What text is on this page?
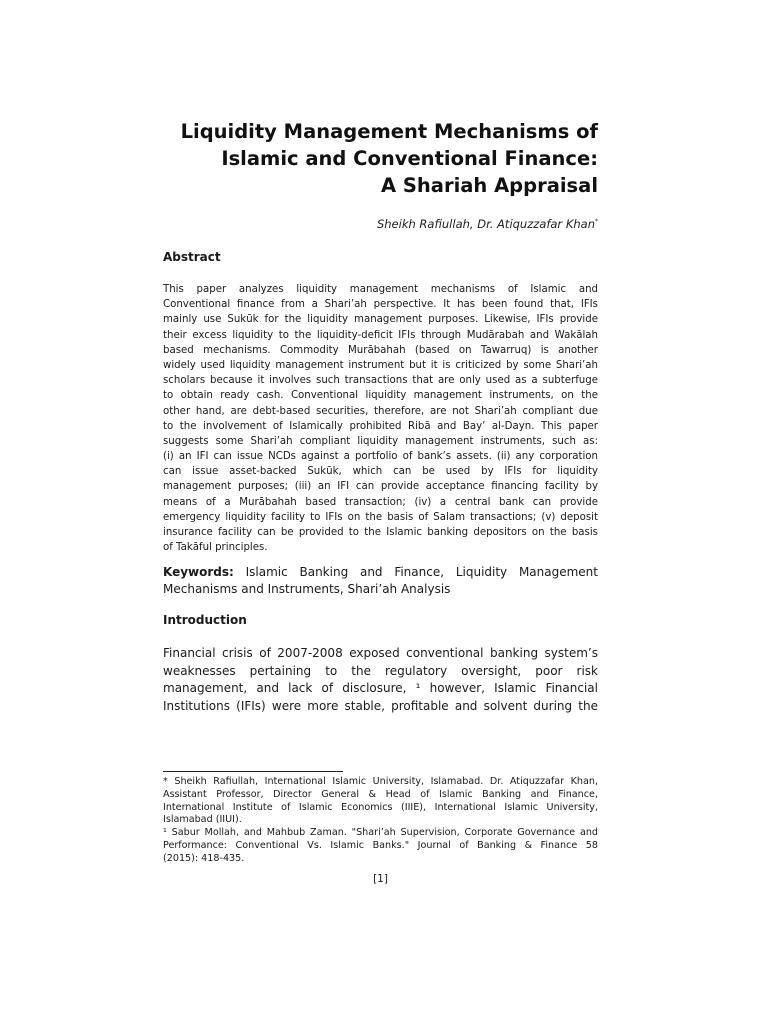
Liquidity Management Mechanisms of
Islamic and Conventional Finance:
A Shariah Appraisal
Sheikh Rafiullah, Dr. Atiquzzafar Khan*
Abstract
This paper analyzes liquidity management mechanisms of Islamic and
Conventional finance from a Shari’ah perspective. It has been found that, IFIs
mainly use Sukūk for the liquidity management purposes. Likewise, IFIs provide
their excess liquidity to the liquidity-deficit IFIs through Mudārabah and Wakālah
based mechanisms. Commodity Murābahah (based on Tawarruq) is another
widely used liquidity management instrument but it is criticized by some Shari’ah
scholars because it involves such transactions that are only used as a subterfuge
to obtain ready cash. Conventional liquidity management instruments, on the
other hand, are debt-based securities, therefore, are not Shari’ah compliant due
to the involvement of Islamically prohibited Ribā and Bay’ al-Dayn. This paper
suggests some Shari’ah compliant liquidity management instruments, such as:
(i) an IFI can issue NCDs against a portfolio of bank’s assets. (ii) any corporation
can issue asset-backed Sukūk, which can be used by IFIs for liquidity
management purposes; (iii) an IFI can provide acceptance financing facility by
means of a Murābahah based transaction; (iv) a central bank can provide
emergency liquidity facility to IFIs on the basis of Salam transactions; (v) deposit
insurance facility can be provided to the Islamic banking depositors on the basis
of Takāful principles.
Keywords: Islamic Banking and Finance, Liquidity Management
Mechanisms and Instruments, Shari’ah Analysis
Introduction
Financial crisis of 2007-2008 exposed conventional banking system’s
weaknesses pertaining to the regulatory oversight, poor risk
management, and lack of disclosure, ¹ however, Islamic Financial
Institutions (IFIs) were more stable, profitable and solvent during the
* Sheikh Rafiullah, International Islamic University, Islamabad. Dr. Atiquzzafar Khan,
Assistant Professor, Director General & Head of Islamic Banking and Finance,
International Institute of Islamic Economics (IIIE), International Islamic University,
Islamabad (IIUI).
¹ Sabur Mollah, and Mahbub Zaman. "Shari’ah Supervision, Corporate Governance and
Performance: Conventional Vs. Islamic Banks." Journal of Banking & Finance 58
(2015): 418-435.
[1]
